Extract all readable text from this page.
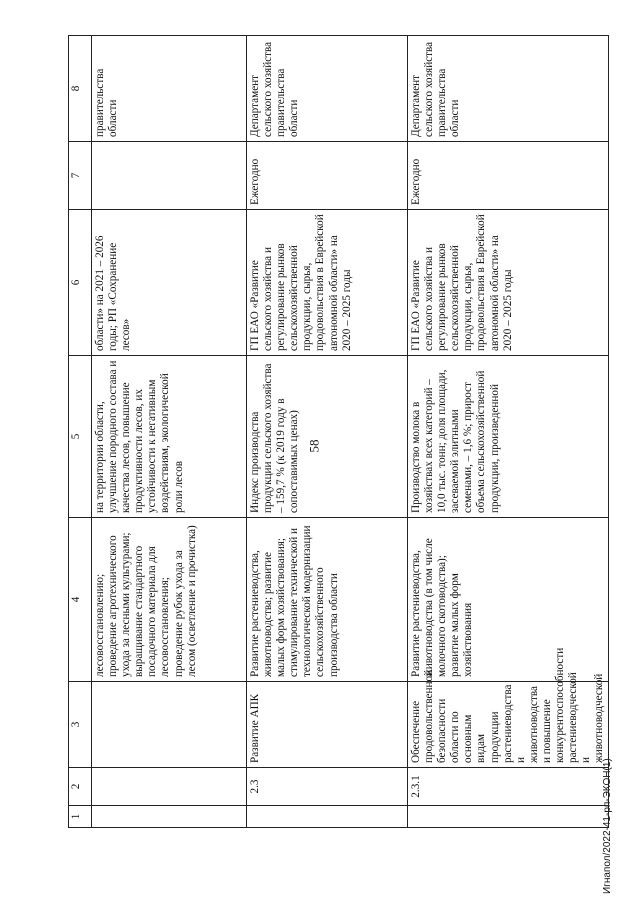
58
Игнапол/2022-41-рп-ЭКОН(1)
1	2	3	4	5	6	7	8
			лесовосстановлению; проведение агротехнического ухода за лесными культурами; выращивание стандартного посадочного материала для лесовосстановления; проведение рубок ухода за лесом (осветление и прочистка)	на территории области, улучшение породного состава и качества лесов, повышение продуктивности лесов, их устойчивости к негативным воздействиям, экологической роли лесов	области» на 2021 – 2026 годы; РП «Сохранение лесов»		правительства области
	2.3	Развитие АПК	Развитие растениеводства, животноводства; развитие малых форм хозяйствования; стимулирование технической и технологической модернизации сельскохозяйственного производства области	Индекс производства продукции сельского хозяйства – 159,7 % (к 2019 году в сопоставимых ценах)	ГП ЕАО «Развитие сельского хозяйства и регулирование рынков сельскохозяйственной продукции, сырья, продовольствия в Еврейской автономной области» на 2020 – 2025 годы	Ежегодно	Департамент сельского хозяйства правительства области
	2.3.1	Обеспечение продовольственной безопасности области по основным видам продукции растениеводства и животноводства и повышение конкурентоспособности растениеводческой и животноводческой	Развитие растениеводства, животноводства (в том числе молочного скотоводства); развитие малых форм хозяйствования	Производство молока в хозяйствах всех категорий – 10,0 тыс. тонн; доля площади, засеваемой элитными семенами, – 1,6 %; прирост объема сельскохозяйственной продукции, произведенной	ГП ЕАО «Развитие сельского хозяйства и регулирование рынков сельскохозяйственной продукции, сырья, продовольствия в Еврейской автономной области» на 2020 – 2025 годы	Ежегодно	Департамент сельского хозяйства правительства области
